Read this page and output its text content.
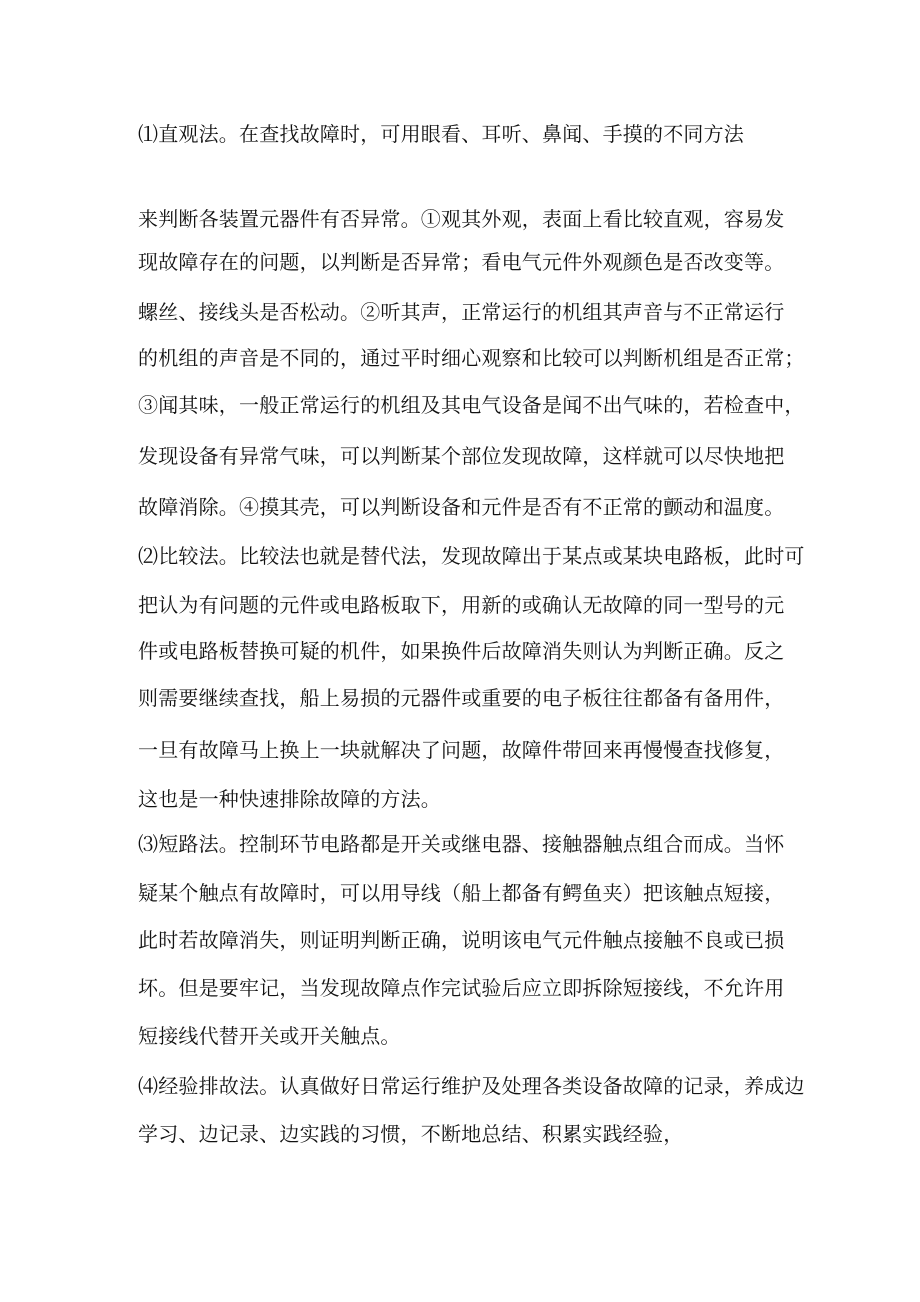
⑴直观法。在查找故障时，可用眼看、耳听、鼻闻、手摸的不同方法
来判断各装置元器件有否异常。①观其外观，表面上看比较直观，容易发
现故障存在的问题，以判断是否异常；看电气元件外观颜色是否改变等。
螺丝、接线头是否松动。②听其声，正常运行的机组其声音与不正常运行
的机组的声音是不同的，通过平时细心观察和比较可以判断机组是否正常；
③闻其味，一般正常运行的机组及其电气设备是闻不出气味的，若检查中，
发现设备有异常气味，可以判断某个部位发现故障，这样就可以尽快地把
故障消除。④摸其壳，可以判断设备和元件是否有不正常的颤动和温度。
⑵比较法。比较法也就是替代法，发现故障出于某点或某块电路板，此时可
把认为有问题的元件或电路板取下，用新的或确认无故障的同一型号的元
件或电路板替换可疑的机件，如果换件后故障消失则认为判断正确。反之
则需要继续查找，船上易损的元器件或重要的电子板往往都备有备用件，
一旦有故障马上换上一块就解决了问题，故障件带回来再慢慢查找修复，
这也是一种快速排除故障的方法。
⑶短路法。控制环节电路都是开关或继电器、接触器触点组合而成。当怀
疑某个触点有故障时，可以用导线（船上都备有鳄鱼夹）把该触点短接，
此时若故障消失，则证明判断正确，说明该电气元件触点接触不良或已损
坏。但是要牢记，当发现故障点作完试验后应立即拆除短接线，不允许用
短接线代替开关或开关触点。
⑷经验排故法。认真做好日常运行维护及处理各类设备故障的记录，养成边
学习、边记录、边实践的习惯，不断地总结、积累实践经验，
